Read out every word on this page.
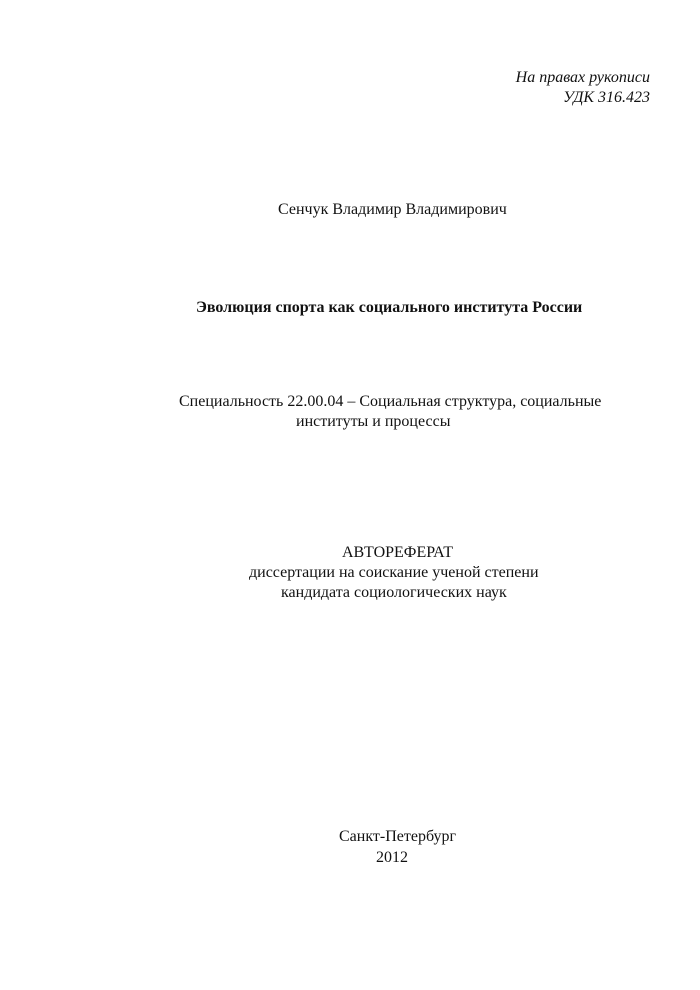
На правах рукописи
УДК 316.423
Сенчук Владимир Владимирович
Эволюция спорта как социального института России
Специальность 22.00.04 – Социальная структура, социальные
институты и процессы
АВТОРЕФЕРАТ
диссертации на соискание ученой степени
кандидата социологических наук
Санкт-Петербург
2012
